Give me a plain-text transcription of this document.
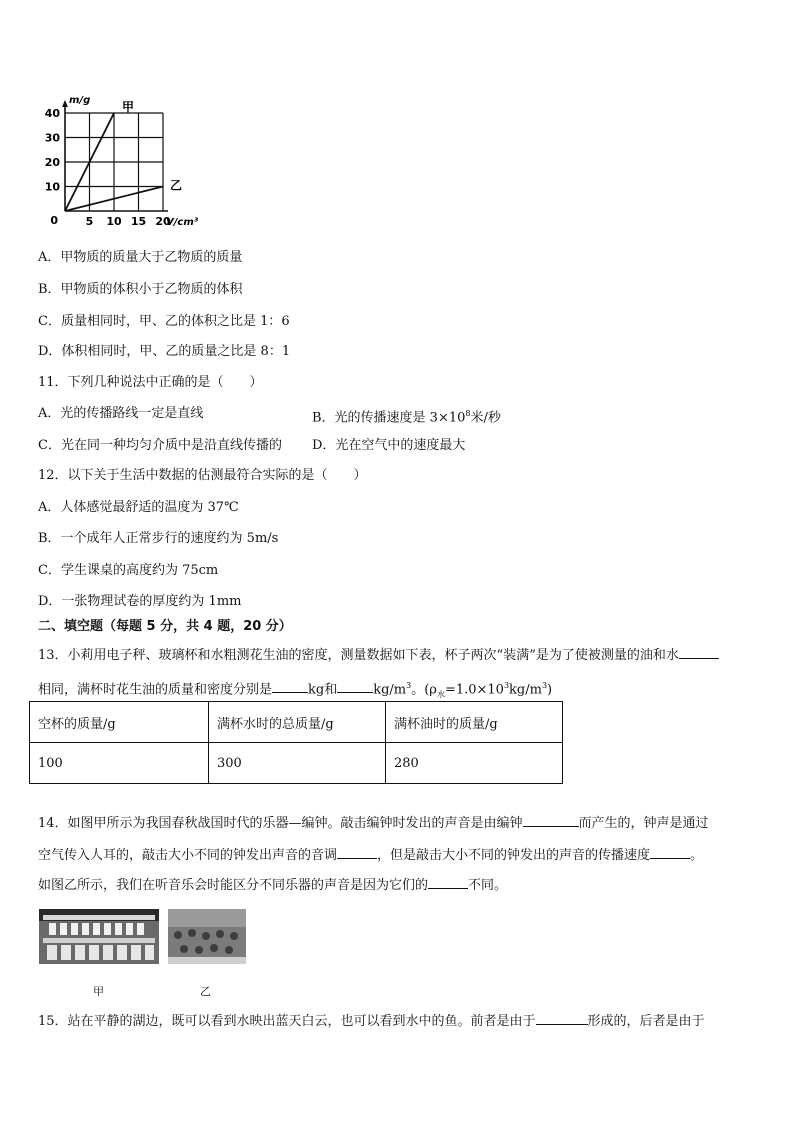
5 10 15 20
10
20
30
40
0
m/g
V/cm³
甲
乙
A．甲物质的质量大于乙物质的质量
B．甲物质的体积小于乙物质的体积
C．质量相同时，甲、乙的体积之比是 1：6
D．体积相同时，甲、乙的质量之比是 8：1
11．下列几种说法中正确的是（　　）
A．光的传播路线一定是直线	B．光的传播速度是 $3\times 10^8$米/秒
C．光在同一种均匀介质中是沿直线传播的 D．光在空气中的速度最大
12．以下关于生活中数据的估测最符合实际的是（　　）
A．人体感觉最舒适的温度为 37℃
B．一个成年人正常步行的速度约为 5m/s
C．学生课桌的高度约为 75cm
D．一张物理试卷的厚度约为 1mm
二、填空题（每题 5 分，共 4 题，20 分）
13．小莉用电子秤、玻璃杯和水粗测花生油的密度，测量数据如下表，杯子两次“装满”是为了使被测量的油和水
相同，满杯时花生油的质量和密度分别是	kg和	$kg/m^3$。$(\rho_水=1.0\times 10^3kg/m^3)$
空杯的质量/g	满杯水时的总质量/g	满杯油时的质量/g
100	300	280
14．如图甲所示为我国春秋战国时代的乐器—编钟。敲击编钟时发出的声音是由编钟	而产生的，钟声是通过
空气传入人耳的，敲击大小不同的钟发出声音的音调	，但是敲击大小不同的钟发出的声音的传播速度	。
如图乙所示，我们在听音乐会时能区分不同乐器的声音是因为它们的	不同。
甲	乙
15．站在平静的湖边，既可以看到水映出蓝天白云，也可以看到水中的鱼。前者是由于	形成的，后者是由于
